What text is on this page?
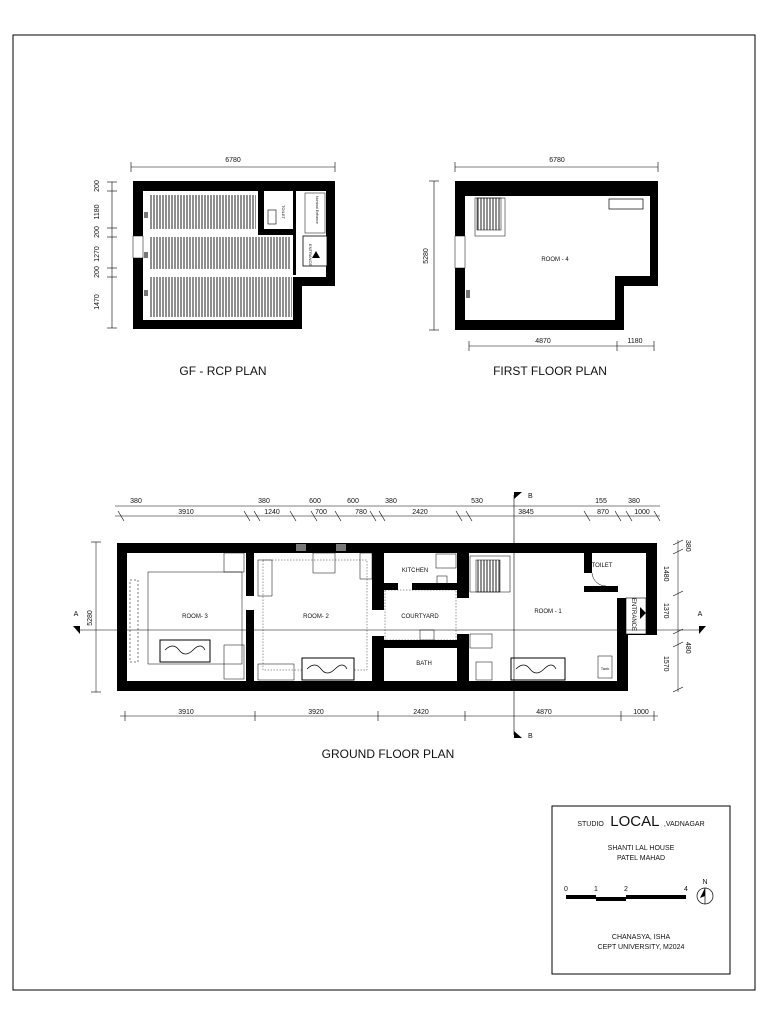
6780
200
1180
200
1270
200
1470
TOILET	Nominal Entrance
ENTRANCE
GF - RCP PLAN
6780
5280	ROOM - 4
4870	1180
FIRST FLOOR PLAN
380	380	600	600	380	530	155	380
3910	1240	700	780	2420	3845	870	1000
5280	ROOM- 3	ROOM- 2
KITCHEN
COURTYARD
BATH
Tank
ROOM - 1
TOILET
ENTRANCE
A	A
B
B
380
1480
1370
480
1570
3910	3920	2420	4870	1000
GROUND FLOOR PLAN
STUDIO LOCAL ,VADNAGAR
SHANTI LAL HOUSE
PATEL MAHAD
0	1	2	4
N
CHANASYA, ISHA
CEPT UNIVERSITY, M2024
